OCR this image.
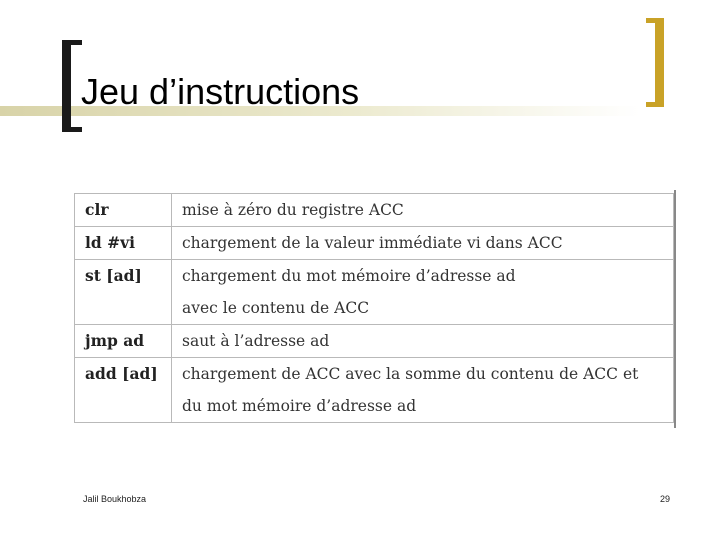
Jeu d’instructions
clr	mise à zéro du registre ACC

ld #vi	chargement de la valeur immédiate vi dans ACC

st [ad]	chargement du mot mémoire d’adresse ad
avec le contenu de ACC

jmp ad	saut à l’adresse ad

add [ad]	chargement de ACC avec la somme du contenu de ACC et
du mot mémoire d’adresse ad
Jalil Boukhobza	29
